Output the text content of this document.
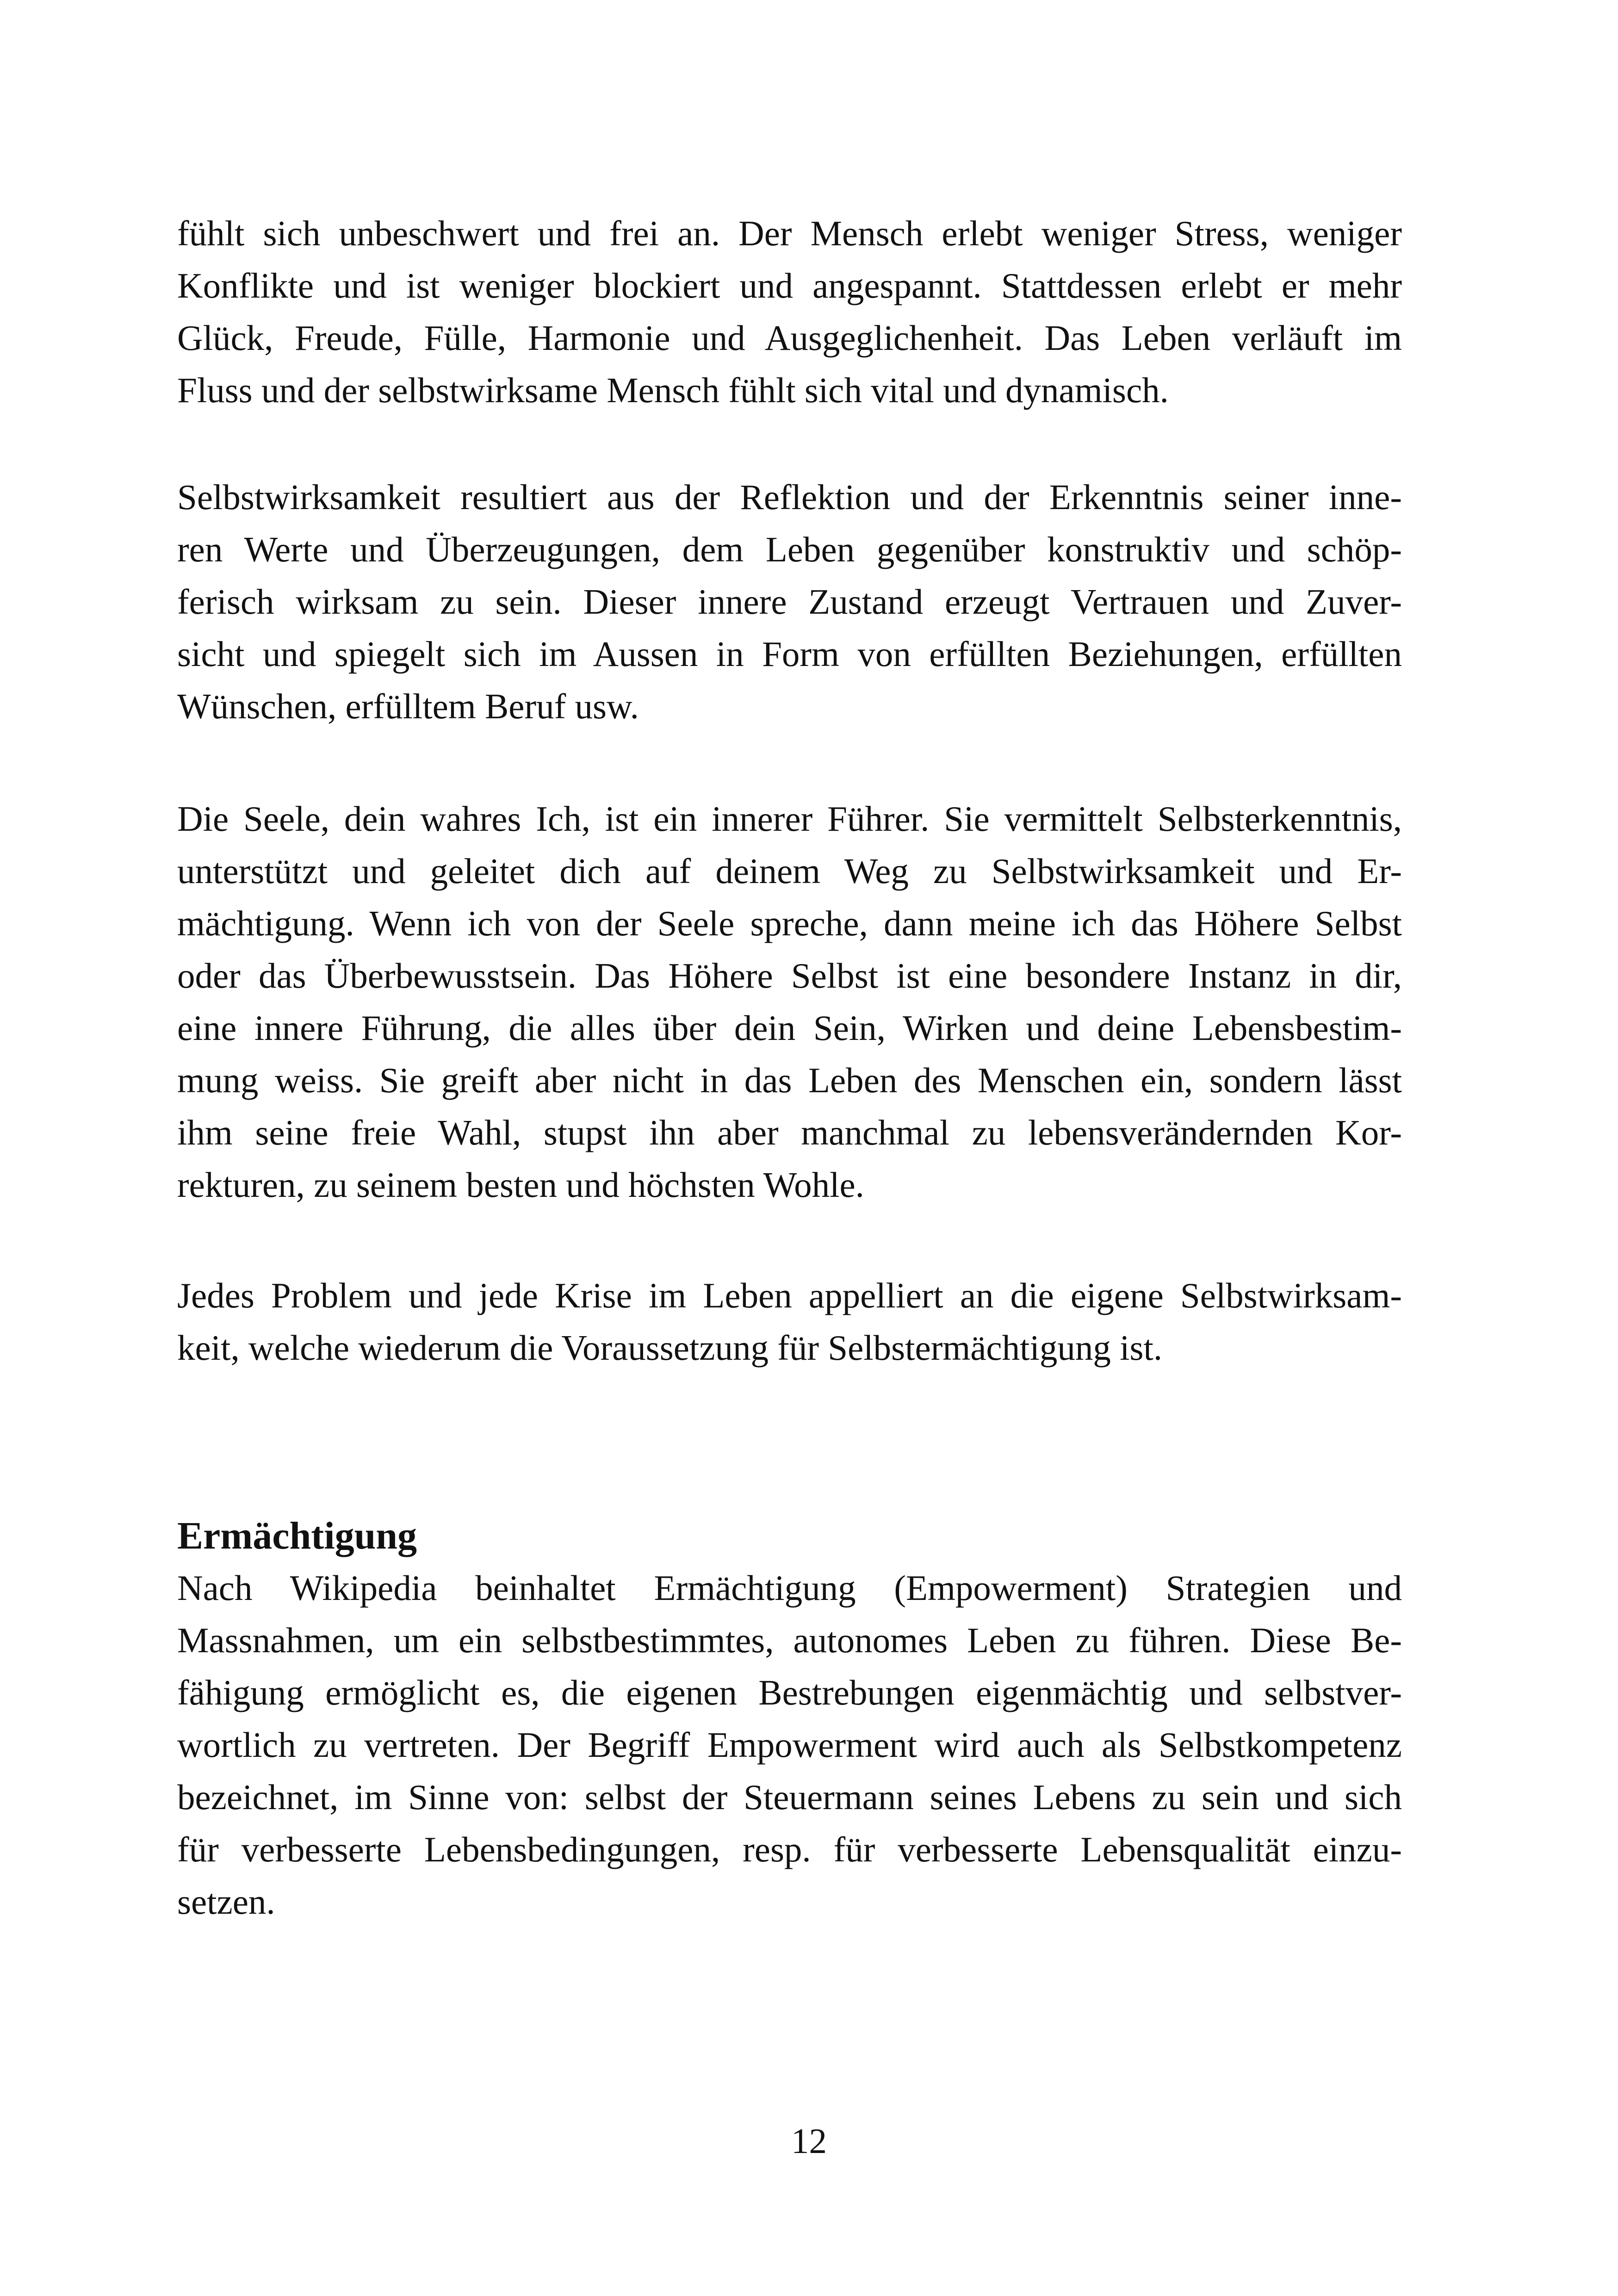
fühlt sich unbeschwert und frei an. Der Mensch erlebt weniger Stress, weniger
Konflikte und ist weniger blockiert und angespannt. Stattdessen erlebt er mehr
Glück, Freude, Fülle, Harmonie und Ausgeglichenheit. Das Leben verläuft im
Fluss und der selbstwirksame Mensch fühlt sich vital und dynamisch.
Selbstwirksamkeit resultiert aus der Reflektion und der Erkenntnis seiner inne-
ren Werte und Überzeugungen, dem Leben gegenüber konstruktiv und schöp-
ferisch wirksam zu sein. Dieser innere Zustand erzeugt Vertrauen und Zuver-
sicht und spiegelt sich im Aussen in Form von erfüllten Beziehungen, erfüllten
Wünschen, erfülltem Beruf usw.
Die Seele, dein wahres Ich, ist ein innerer Führer. Sie vermittelt Selbsterkenntnis,
unterstützt und geleitet dich auf deinem Weg zu Selbstwirksamkeit und Er-
mächtigung. Wenn ich von der Seele spreche, dann meine ich das Höhere Selbst
oder das Überbewusstsein. Das Höhere Selbst ist eine besondere Instanz in dir,
eine innere Führung, die alles über dein Sein, Wirken und deine Lebensbestim-
mung weiss. Sie greift aber nicht in das Leben des Menschen ein, sondern lässt
ihm seine freie Wahl, stupst ihn aber manchmal zu lebensverändernden Kor-
rekturen, zu seinem besten und höchsten Wohle.
Jedes Problem und jede Krise im Leben appelliert an die eigene Selbstwirksam-
keit, welche wiederum die Voraussetzung für Selbstermächtigung ist.
Ermächtigung
Nach Wikipedia beinhaltet Ermächtigung (Empowerment) Strategien und
Massnahmen, um ein selbstbestimmtes, autonomes Leben zu führen. Diese Be-
fähigung ermöglicht es, die eigenen Bestrebungen eigenmächtig und selbstver-
wortlich zu vertreten. Der Begriff Empowerment wird auch als Selbstkompetenz
bezeichnet, im Sinne von: selbst der Steuermann seines Lebens zu sein und sich
für verbesserte Lebensbedingungen, resp. für verbesserte Lebensqualität einzu-
setzen.
12
